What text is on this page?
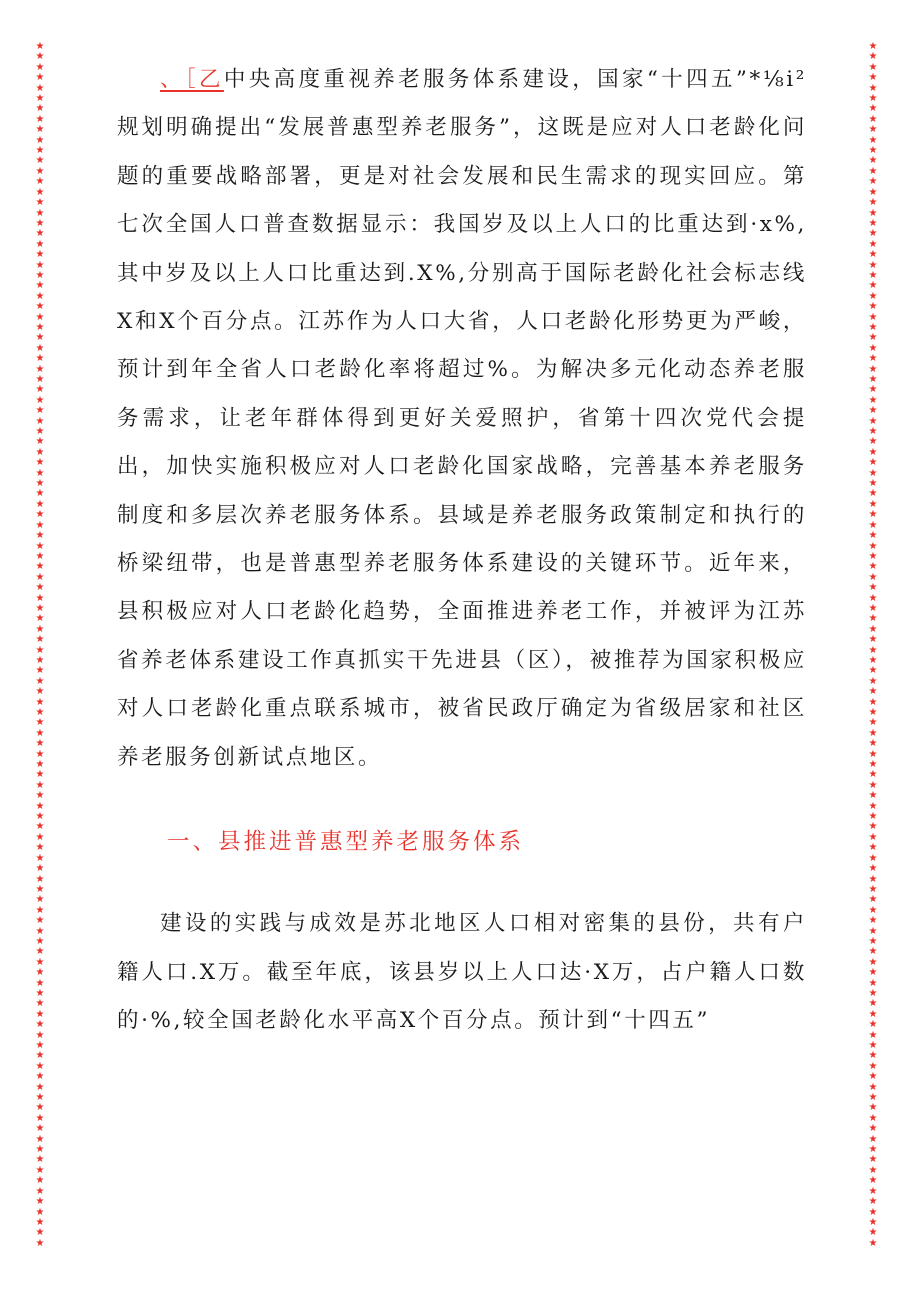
★
★
★
★
★
★
★
★
★
★
★
★
★
★
★
★
★
★
★
★
★
★
★
★
★
★
★
★
★
★
★
★
★
★
★
★
★
★
★
★
★
★
★
★
★
★
★
★
★
★
★
★
★
★
★
★
★
★
★
★
★
★
★
★
★
★
★
★
★
★
★
★
★
★
★
★
★
★
★
★
★
★
★
★
★
★
★
★
★
★
★
★
★
★
★
★
★
★
★
★
★
★
★
★
★
★
★
★
★
★
★
★
★
★
★
★
★
★
★
★
★
★
★
★
★
★
★
★
★
★
★
★
★
★
★
★
★
★
★
★
★
★
★
★
★
★
★
★
★
★
★
★
★
★
★
★
★
★
★
★
★
★
★
★
★
★
★
★
★
★
★
★
★
★
★
★
★
★
★
★
★
★
★
★
★
★
★
★
★
★
★
★
★
★
★
★
★
★
★
★
★
★
★
★
★
★
★
★
★
★
★
★
★
★
★
★
★
★
★
★
★
★
★
★
★
★
★
★
★
★
★
★

、［乙中央高度重视养老服务体系建设，国家“十四五”*⅛i²规划明确提出“发展普惠型养老服务”，这既是应对人口老龄化问题的重要战略部署，更是对社会发展和民生需求的现实回应。第七次全国人口普查数据显示：我国岁及以上人口的比重达到·x%,其中岁及以上人口比重达到.X%,分别高于国际老龄化社会标志线X和X个百分点。江苏作为人口大省，人口老龄化形势更为严峻，预计到年全省人口老龄化率将超过%。为解决多元化动态养老服务需求，让老年群体得到更好关爱照护，省第十四次党代会提出，加快实施积极应对人口老龄化国家战略，完善基本养老服务制度和多层次养老服务体系。县域是养老服务政策制定和执行的桥梁纽带，也是普惠型养老服务体系建设的关键环节。近年来，县积极应对人口老龄化趋势，全面推进养老工作，并被评为江苏省养老体系建设工作真抓实干先进县（区），被推荐为国家积极应对人口老龄化重点联系城市，被省民政厅确定为省级居家和社区养老服务创新试点地区。

一、县推进普惠型养老服务体系

建设的实践与成效是苏北地区人口相对密集的县份，共有户籍人口.X万。截至年底，该县岁以上人口达·X万，占户籍人口数的·%,较全国老龄化水平高X个百分点。预计到“十四五”
